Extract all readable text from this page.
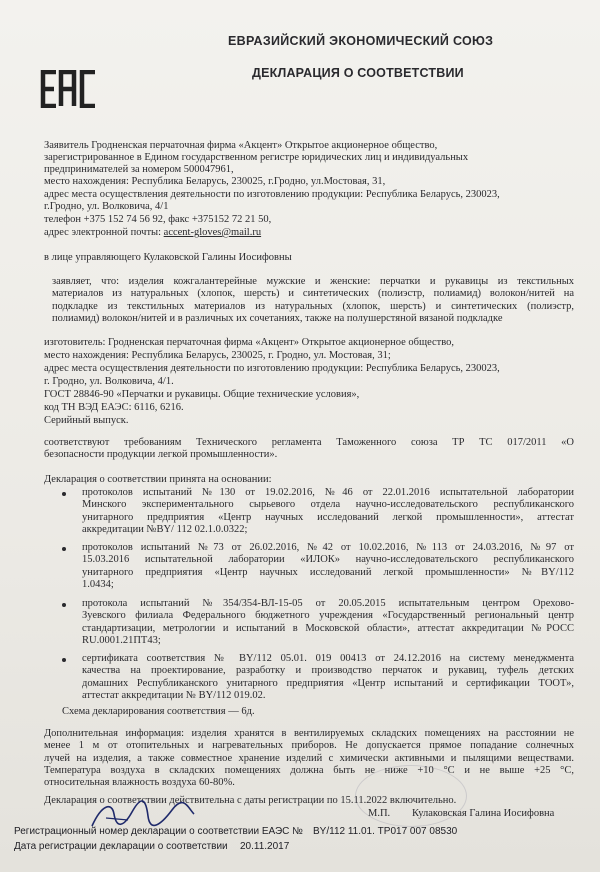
ЕВРАЗИЙСКИЙ ЭКОНОМИЧЕСКИЙ СОЮЗ
ДЕКЛАРАЦИЯ О СООТВЕТСТВИИ
Заявитель Гродненская перчаточная фирма «Акцент» Открытое акционерное общество,
зарегистрированное в Едином государственном регистре юридических лиц и индивидуальных
предпринимателей за номером 500047961,
место нахождения: Республика Беларусь, 230025, г.Гродно, ул.Мостовая, 31,
адрес места осуществления деятельности по изготовлению продукции: Республика Беларусь, 230023,
г.Гродно, ул. Волковича, 4/1
телефон +375 152 74 56 92, факс +375152 72 21 50,
адрес электронной почты: accent-gloves@mail.ru
в лице управляющего Кулаковской Галины Иосифовны
заявляет, что: изделия кожгалантерейные мужские и женские: перчатки и рукавицы из текстильных
материалов из натуральных (хлопок, шерсть) и синтетических (полиэстр, полиамид) волокон/нитей на
подкладке из текстильных материалов из натуральных (хлопок, шерсть) и синтетических (полиэстр,
полиамид) волокон/нитей и в различных их сочетаниях, также на полушерстяной вязаной подкладке
изготовитель: Гродненская перчаточная фирма «Акцент» Открытое акционерное общество,
место нахождения: Республика Беларусь, 230025, г. Гродно, ул. Мостовая, 31;
адрес места осуществления деятельности по изготовлению продукции: Республика Беларусь, 230023,
г. Гродно, ул. Волковича, 4/1.
ГОСТ 28846-90 «Перчатки и рукавицы. Общие технические условия»,
код ТН ВЭД ЕАЭС: 6116, 6216.
Серийный выпуск.
соответствуют требованиям Технического регламента Таможенного союза ТР ТС 017/2011 «О
безопасности продукции легкой промышленности».
Декларация о соответствии принята на основании:
протоколов испытаний №130 от 19.02.2016, №46 от 22.01.2016 испытательной лаборатории
Минского экспериментального сырьевого отдела научно-исследовательского республиканского
унитарного предприятия «Центр научных исследований легкой промышленности», аттестат
аккредитации №BY/ 112 02.1.0.0322;
протоколов испытаний №73 от 26.02.2016, №42 от 10.02.2016, №113 от 24.03.2016, №97 от
15.03.2016 испытательной лаборатории «ИЛОК» научно-исследовательского республиканского
унитарного предприятия «Центр научных исследований легкой промышленности» №BY/112
1.0434;
протокола испытаний №354/354-ВЛ-15-05 от 20.05.2015 испытательным центром Орехово-
Зуевского филиала Федерального бюджетного учреждения «Государственный региональный центр
стандартизации, метрологии и испытаний в Московской области», аттестат аккредитации №РОСС
RU.0001.21ПТ43;
сертификата соответствия № BY/112 05.01. 019 00413 от 24.12.2016 на систему менеджмента
качества на проектирование, разработку и производство перчаток и рукавиц, туфель детских
домашних Республиканского унитарного предприятия «Центр испытаний и сертификации ТООТ»,
аттестат аккредитации № BY/112 019.02.
Схема декларирования соответствия — 6д.
Дополнительная информация: изделия хранятся в вентилируемых складских помещениях на расстоянии не
менее 1 м от отопительных и нагревательных приборов. Не допускается прямое попадание солнечных
лучей на изделия, а также совместное хранение изделий с химически активными и пылящими веществами.
Температура воздуха в складских помещениях должна быть не ниже +10 °С и не выше +25 °С,
относительная влажность воздуха 60-80%.
Декларация о соответствии действительна с даты регистрации по 15.11.2022 включительно.
М.П. Кулаковская Галина Иосифовна
Регистрационный номер декларации о соответствии ЕАЭС № BY/112 11.01. ТР017 007 08530
Дата регистрации декларации о соответствии 20.11.2017
